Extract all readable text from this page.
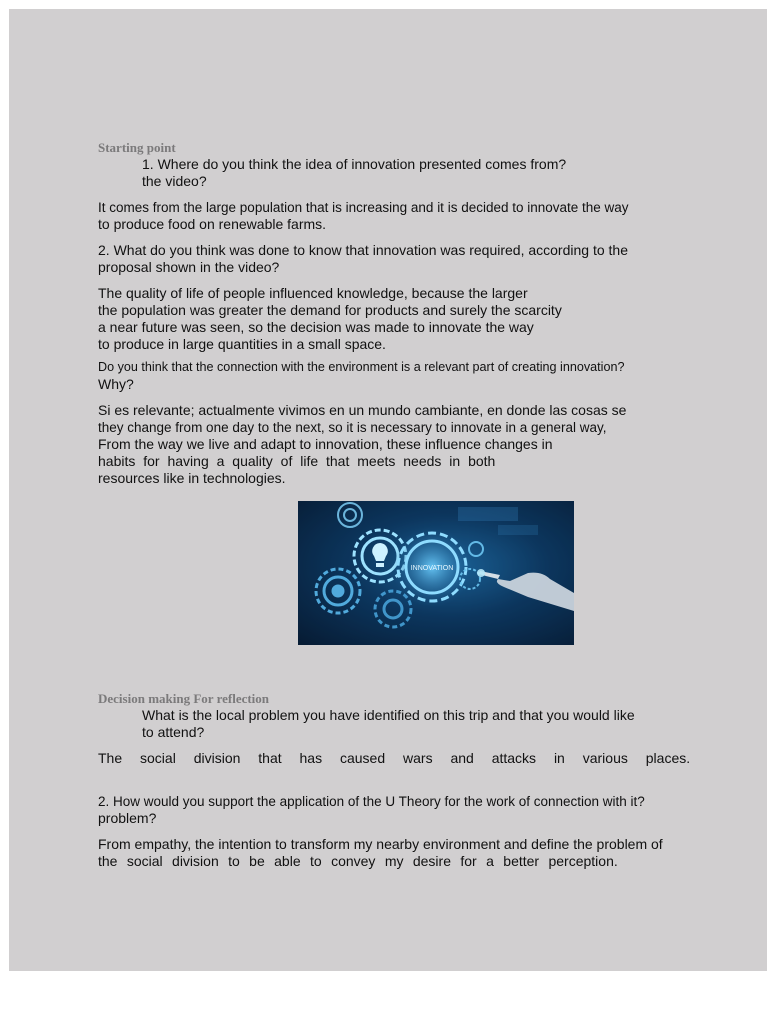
Starting point

1. Where do you think the idea of innovation presented comes from?
the video?
It comes from the large population that is increasing and it is decided to innovate the way
to produce food on renewable farms.
2. What do you think was done to know that innovation was required, according to the
proposal shown in the video?
The quality of life of people influenced knowledge, because the larger
the population was greater the demand for products and surely the scarcity
a near future was seen, so the decision was made to innovate the way
to produce in large quantities in a small space.
Do you think that the connection with the environment is a relevant part of creating innovation?
Why?
Si es relevante; actualmente vivimos en un mundo cambiante, en donde las cosas se
they change from one day to the next, so it is necessary to innovate in a general way,
From the way we live and adapt to innovation, these influence changes in
habits for having a quality of life that meets needs in both
resources like in technologies.

Decision making For reflection

What is the local problem you have identified on this trip and that you would like
to attend?
The social division that has caused wars and attacks in various places.
2. How would you support the application of the U Theory for the work of connection with it?
problem?
From empathy, the intention to transform my nearby environment and define the problem of
the social division to be able to convey my desire for a better perception.
INNOVATION
